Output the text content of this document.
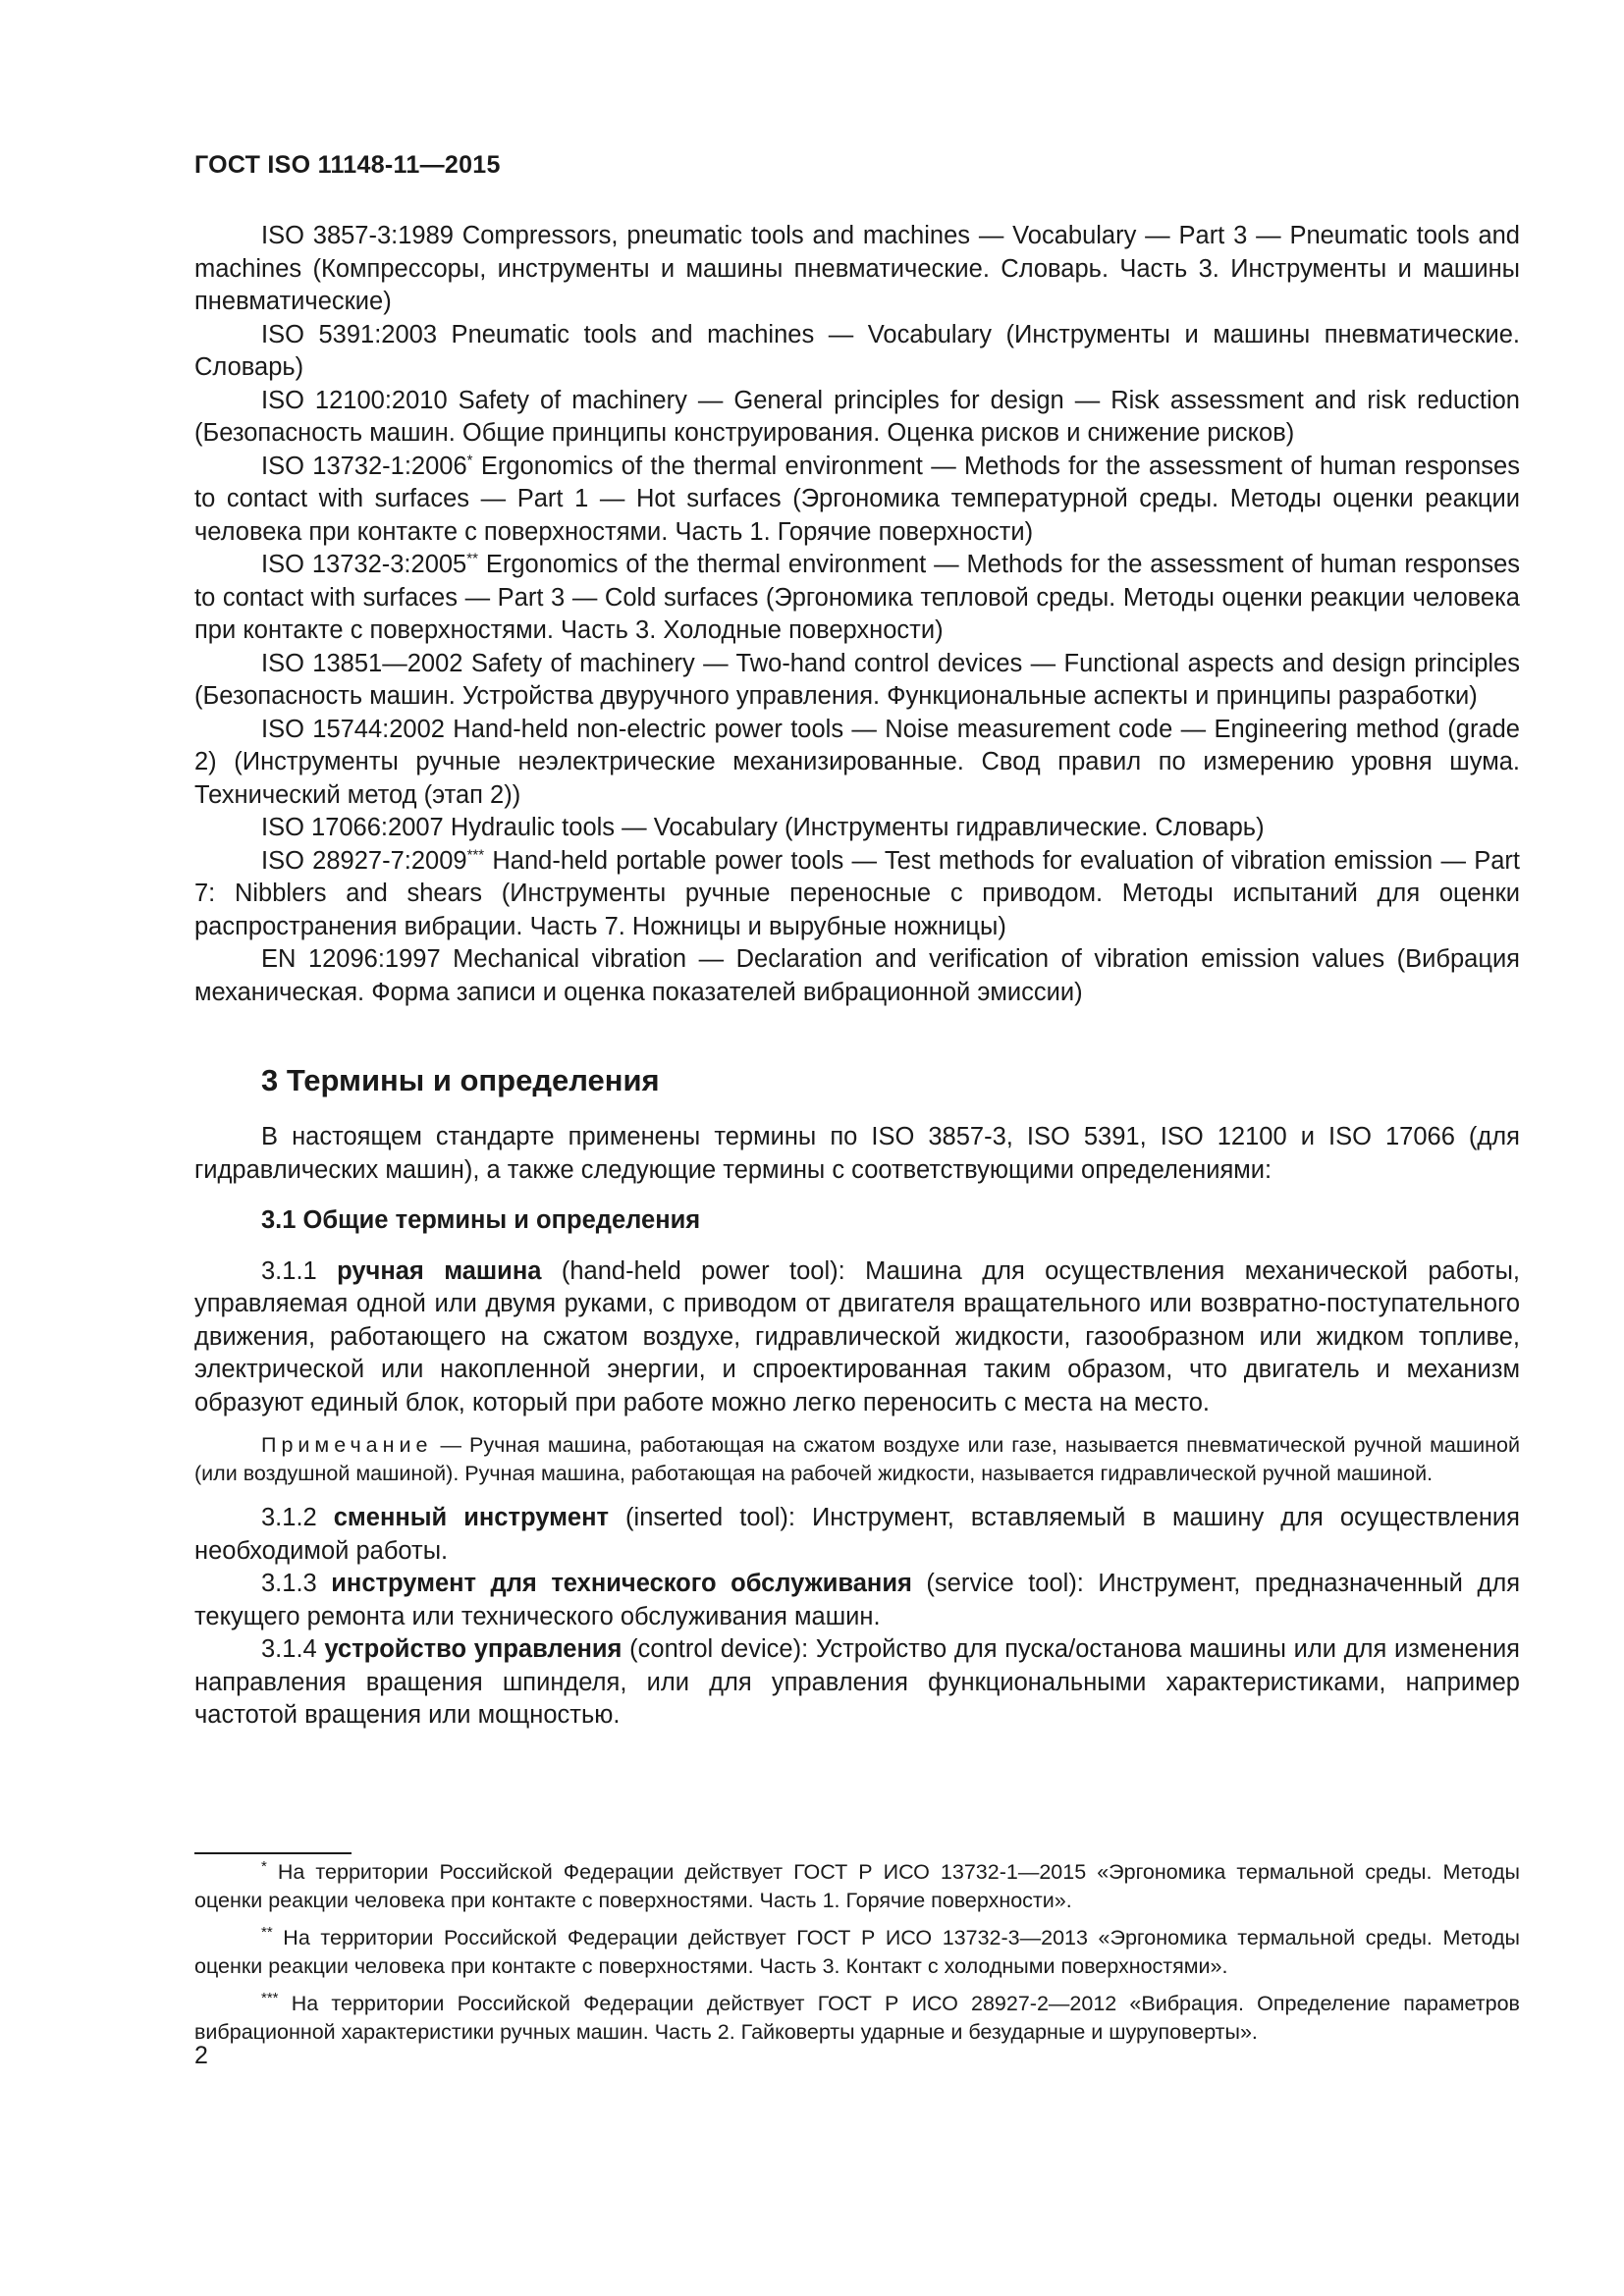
ГОСТ ISO 11148-11—2015

ISO 3857-3:1989 Compressors, pneumatic tools and machines — Vocabulary — Part 3 — Pneumatic tools and machines (Компрессоры, инструменты и машины пневматические. Словарь. Часть 3. Инструменты и машины пневматические)

ISO 5391:2003 Pneumatic tools and machines — Vocabulary (Инструменты и машины пневматические. Словарь)

ISO 12100:2010 Safety of machinery — General principles for design — Risk assessment and risk reduction (Безопасность машин. Общие принципы конструирования. Оценка рисков и снижение рисков)

ISO 13732-1:2006* Ergonomics of the thermal environment — Methods for the assessment of human responses to contact with surfaces — Part 1 — Hot surfaces (Эргономика температурной среды. Методы оценки реакции человека при контакте с поверхностями. Часть 1. Горячие поверхности)

ISO 13732-3:2005** Ergonomics of the thermal environment — Methods for the assessment of human responses to contact with surfaces — Part 3 — Cold surfaces (Эргономика тепловой среды. Методы оценки реакции человека при контакте с поверхностями. Часть 3. Холодные поверхности)

ISO 13851—2002 Safety of machinery — Two-hand control devices — Functional aspects and design principles (Безопасность машин. Устройства двуручного управления. Функциональные аспекты и принципы разработки)

ISO 15744:2002 Hand-held non-electric power tools — Noise measurement code — Engineering method (grade 2) (Инструменты ручные неэлектрические механизированные. Свод правил по измерению уровня шума. Технический метод (этап 2))

ISO 17066:2007 Hydraulic tools — Vocabulary (Инструменты гидравлические. Словарь)

ISO 28927-7:2009*** Hand-held portable power tools — Test methods for evaluation of vibration emission — Part 7: Nibblers and shears (Инструменты ручные переносные с приводом. Методы испытаний для оценки распространения вибрации. Часть 7. Ножницы и вырубные ножницы)

EN 12096:1997 Mechanical vibration — Declaration and verification of vibration emission values (Вибрация механическая. Форма записи и оценка показателей вибрационной эмиссии)

3 Термины и определения

В настоящем стандарте применены термины по ISO 3857-3, ISO 5391, ISO 12100 и ISO 17066 (для гидравлических машин), а также следующие термины с соответствующими определениями:

3.1 Общие термины и определения

3.1.1 ручная машина (hand-held power tool): Машина для осуществления механической работы, управляемая одной или двумя руками, с приводом от двигателя вращательного или возвратно-поступательного движения, работающего на сжатом воздухе, гидравлической жидкости, газообразном или жидком топливе, электрической или накопленной энергии, и спроектированная таким образом, что двигатель и механизм образуют единый блок, который при работе можно легко переносить с места на место.

Примечание — Ручная машина, работающая на сжатом воздухе или газе, называется пневматической ручной машиной (или воздушной машиной). Ручная машина, работающая на рабочей жидкости, называется гидравлической ручной машиной.

3.1.2 сменный инструмент (inserted tool): Инструмент, вставляемый в машину для осуществления необходимой работы.

3.1.3 инструмент для технического обслуживания (service tool): Инструмент, предназначенный для текущего ремонта или технического обслуживания машин.

3.1.4 устройство управления (control device): Устройство для пуска/останова машины или для изменения направления вращения шпинделя, или для управления функциональными характеристиками, например частотой вращения или мощностью.

* На территории Российской Федерации действует ГОСТ Р ИСО 13732-1—2015 «Эргономика термальной среды. Методы оценки реакции человека при контакте с поверхностями. Часть 1. Горячие поверхности».

** На территории Российской Федерации действует ГОСТ Р ИСО 13732-3—2013 «Эргономика термальной среды. Методы оценки реакции человека при контакте с поверхностями. Часть 3. Контакт с холодными поверхностями».

*** На территории Российской Федерации действует ГОСТ Р ИСО 28927-2—2012 «Вибрация. Определение параметров вибрационной характеристики ручных машин. Часть 2. Гайковерты ударные и безударные и шуруповерты».

2
